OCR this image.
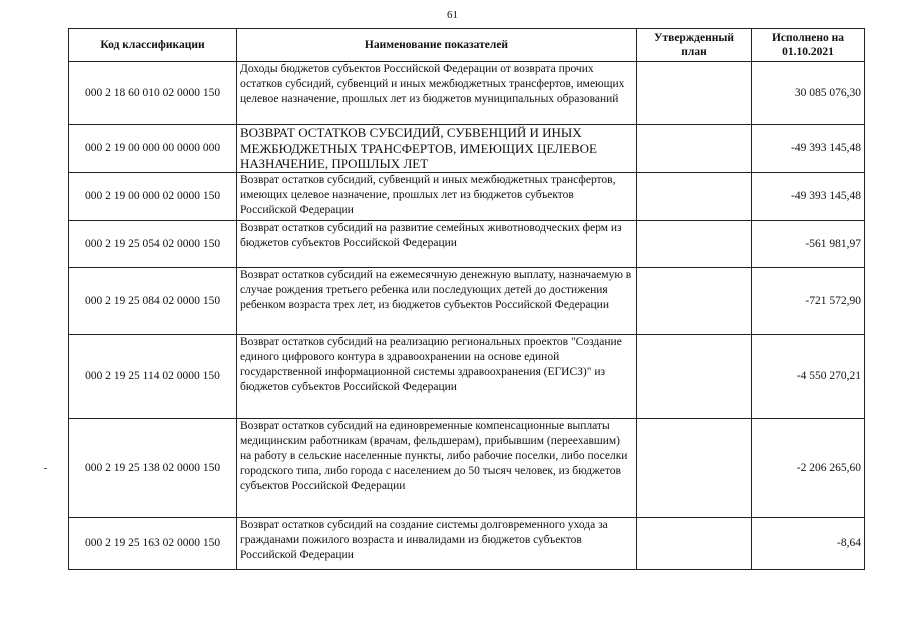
61
Код классификации	Наименование показателей	Утвержденный план	Исполнено на 01.10.2021
000 2 18 60 010 02 0000 150	Доходы бюджетов субъектов Российской Федерации от возврата прочих остатков субсидий, субвенций и иных межбюджетных трансфертов, имеющих целевое назначение, прошлых лет из бюджетов муниципальных образований		30 085 076,30
000 2 19 00 000 00 0000 000	ВОЗВРАТ ОСТАТКОВ СУБСИДИЙ, СУБВЕНЦИЙ И ИНЫХ МЕЖБЮДЖЕТНЫХ ТРАНСФЕРТОВ, ИМЕЮЩИХ ЦЕЛЕВОЕ НАЗНАЧЕНИЕ, ПРОШЛЫХ ЛЕТ		-49 393 145,48
000 2 19 00 000 02 0000 150	Возврат остатков субсидий, субвенций и иных межбюджетных трансфертов, имеющих целевое назначение, прошлых лет из бюджетов субъектов Российской Федерации		-49 393 145,48
000 2 19 25 054 02 0000 150	Возврат остатков субсидий на развитие семейных животноводческих ферм из бюджетов субъектов Российской Федерации		-561 981,97
000 2 19 25 084 02 0000 150	Возврат остатков субсидий на ежемесячную денежную выплату, назначаемую в случае рождения третьего ребенка или последующих детей до достижения ребенком возраста трех лет, из бюджетов субъектов Российской Федерации		-721 572,90
000 2 19 25 114 02 0000 150	Возврат остатков субсидий на реализацию региональных проектов "Создание единого цифрового контура в здравоохранении на основе единой государственной информационной системы здравоохранения (ЕГИСЗ)" из бюджетов субъектов Российской Федерации		-4 550 270,21
000 2 19 25 138 02 0000 150	Возврат остатков субсидий на единовременные компенсационные выплаты медицинским работникам (врачам, фельдшерам), прибывшим (переехавшим) на работу в сельские населенные пункты, либо рабочие поселки, либо поселки городского типа, либо города с населением до 50 тысяч человек, из бюджетов субъектов Российской Федерации		-2 206 265,60
000 2 19 25 163 02 0000 150	Возврат остатков субсидий на создание системы долговременного ухода за гражданами пожилого возраста и инвалидами из бюджетов субъектов Российской Федерации		-8,64
